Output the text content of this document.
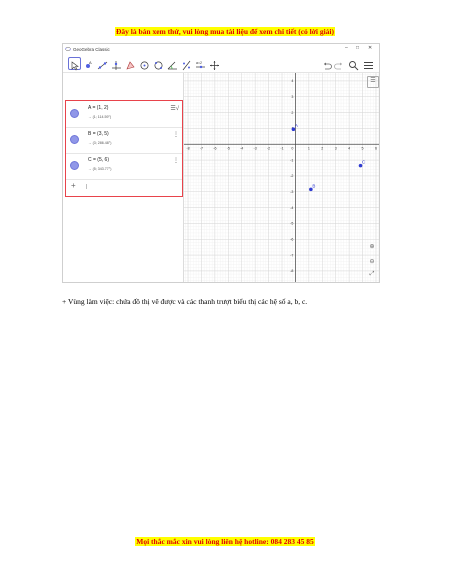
Đây là bản xem thử, vui lòng mua tài liệu để xem chi tiết (có lời giải)
GeoGebra Classic	– □ ✕
A	a=2
A = (1, 2)
→ (1; 114.59°)
☰√
B = (3, 5)
→ (3; 286.48°)
⋮
C = (5, 6)
→ (5; 343.77°)
⋮
+ |
-8	-7	-6	-5	-4	-3	-2	-1 0	1	2	3	4	5	6
4
3
2
-1
-2
-3
-4
-5
-6
-7
-8
A
B
C
☰
⊕
⊖
⤢
+ Vùng làm việc: chứa đồ thị vẽ được và các thanh trượt biểu thị các hệ số a, b, c.
Mọi thắc mắc xin vui lòng liên hệ hotline: 084 283 45 85
